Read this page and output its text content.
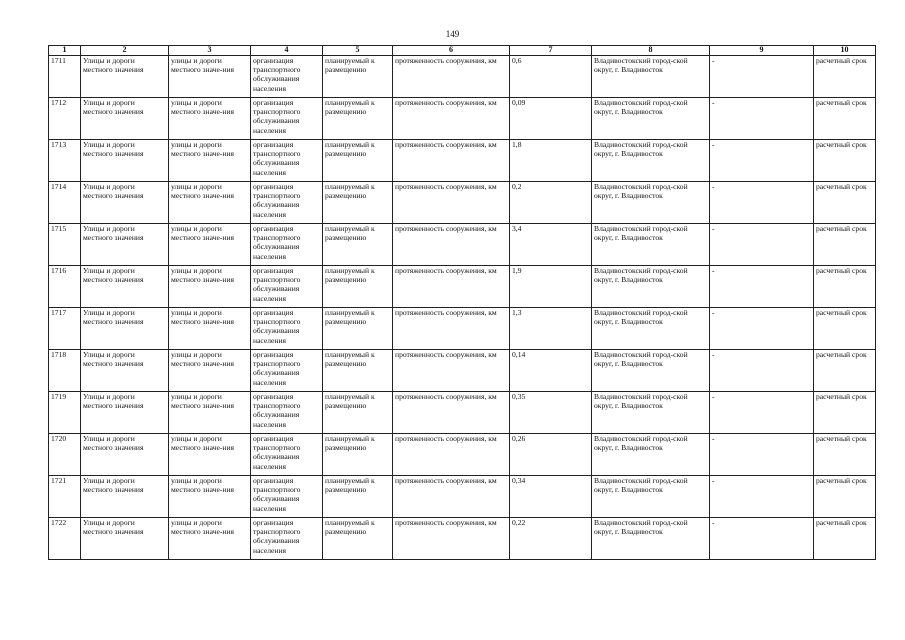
149
1	2	3	4	5	6	7	8	9	10
1711	Улицы и дороги местного значения	улицы и дороги местного значе-ния	организация транспортного обслуживания населения	планируемый к размещению	протяженность сооружения, км	0,6	Владивостокский город-ской округ, г. Владивосток	-	расчетный срок
1712	Улицы и дороги местного значения	улицы и дороги местного значе-ния	организация транспортного обслуживания населения	планируемый к размещению	протяженность сооружения, км	0,09	Владивостокский город-ской округ, г. Владивосток	-	расчетный срок
1713	Улицы и дороги местного значения	улицы и дороги местного значе-ния	организация транспортного обслуживания населения	планируемый к размещению	протяженность сооружения, км	1,8	Владивостокский город-ской округ, г. Владивосток	-	расчетный срок
1714	Улицы и дороги местного значения	улицы и дороги местного значе-ния	организация транспортного обслуживания населения	планируемый к размещению	протяженность сооружения, км	0,2	Владивостокский город-ской округ, г. Владивосток	-	расчетный срок
1715	Улицы и дороги местного значения	улицы и дороги местного значе-ния	организация транспортного обслуживания населения	планируемый к размещению	протяженность сооружения, км	3,4	Владивостокский город-ской округ, г. Владивосток	-	расчетный срок
1716	Улицы и дороги местного значения	улицы и дороги местного значе-ния	организация транспортного обслуживания населения	планируемый к размещению	протяженность сооружения, км	1,9	Владивостокский город-ской округ, г. Владивосток	-	расчетный срок
1717	Улицы и дороги местного значения	улицы и дороги местного значе-ния	организация транспортного обслуживания населения	планируемый к размещению	протяженность сооружения, км	1,3	Владивостокский город-ской округ, г. Владивосток	-	расчетный срок
1718	Улицы и дороги местного значения	улицы и дороги местного значе-ния	организация транспортного обслуживания населения	планируемый к размещению	протяженность сооружения, км	0,14	Владивостокский город-ской округ, г. Владивосток	-	расчетный срок
1719	Улицы и дороги местного значения	улицы и дороги местного значе-ния	организация транспортного обслуживания населения	планируемый к размещению	протяженность сооружения, км	0,35	Владивостокский город-ской округ, г. Владивосток	-	расчетный срок
1720	Улицы и дороги местного значения	улицы и дороги местного значе-ния	организация транспортного обслуживания населения	планируемый к размещению	протяженность сооружения, км	0,26	Владивостокский город-ской округ, г. Владивосток	-	расчетный срок
1721	Улицы и дороги местного значения	улицы и дороги местного значе-ния	организация транспортного обслуживания населения	планируемый к размещению	протяженность сооружения, км	0,34	Владивостокский город-ской округ, г. Владивосток	-	расчетный срок
1722	Улицы и дороги местного значения	улицы и дороги местного значе-ния	организация транспортного обслуживания населения	планируемый к размещению	протяженность сооружения, км	0,22	Владивостокский город-ской округ, г. Владивосток	-	расчетный срок
